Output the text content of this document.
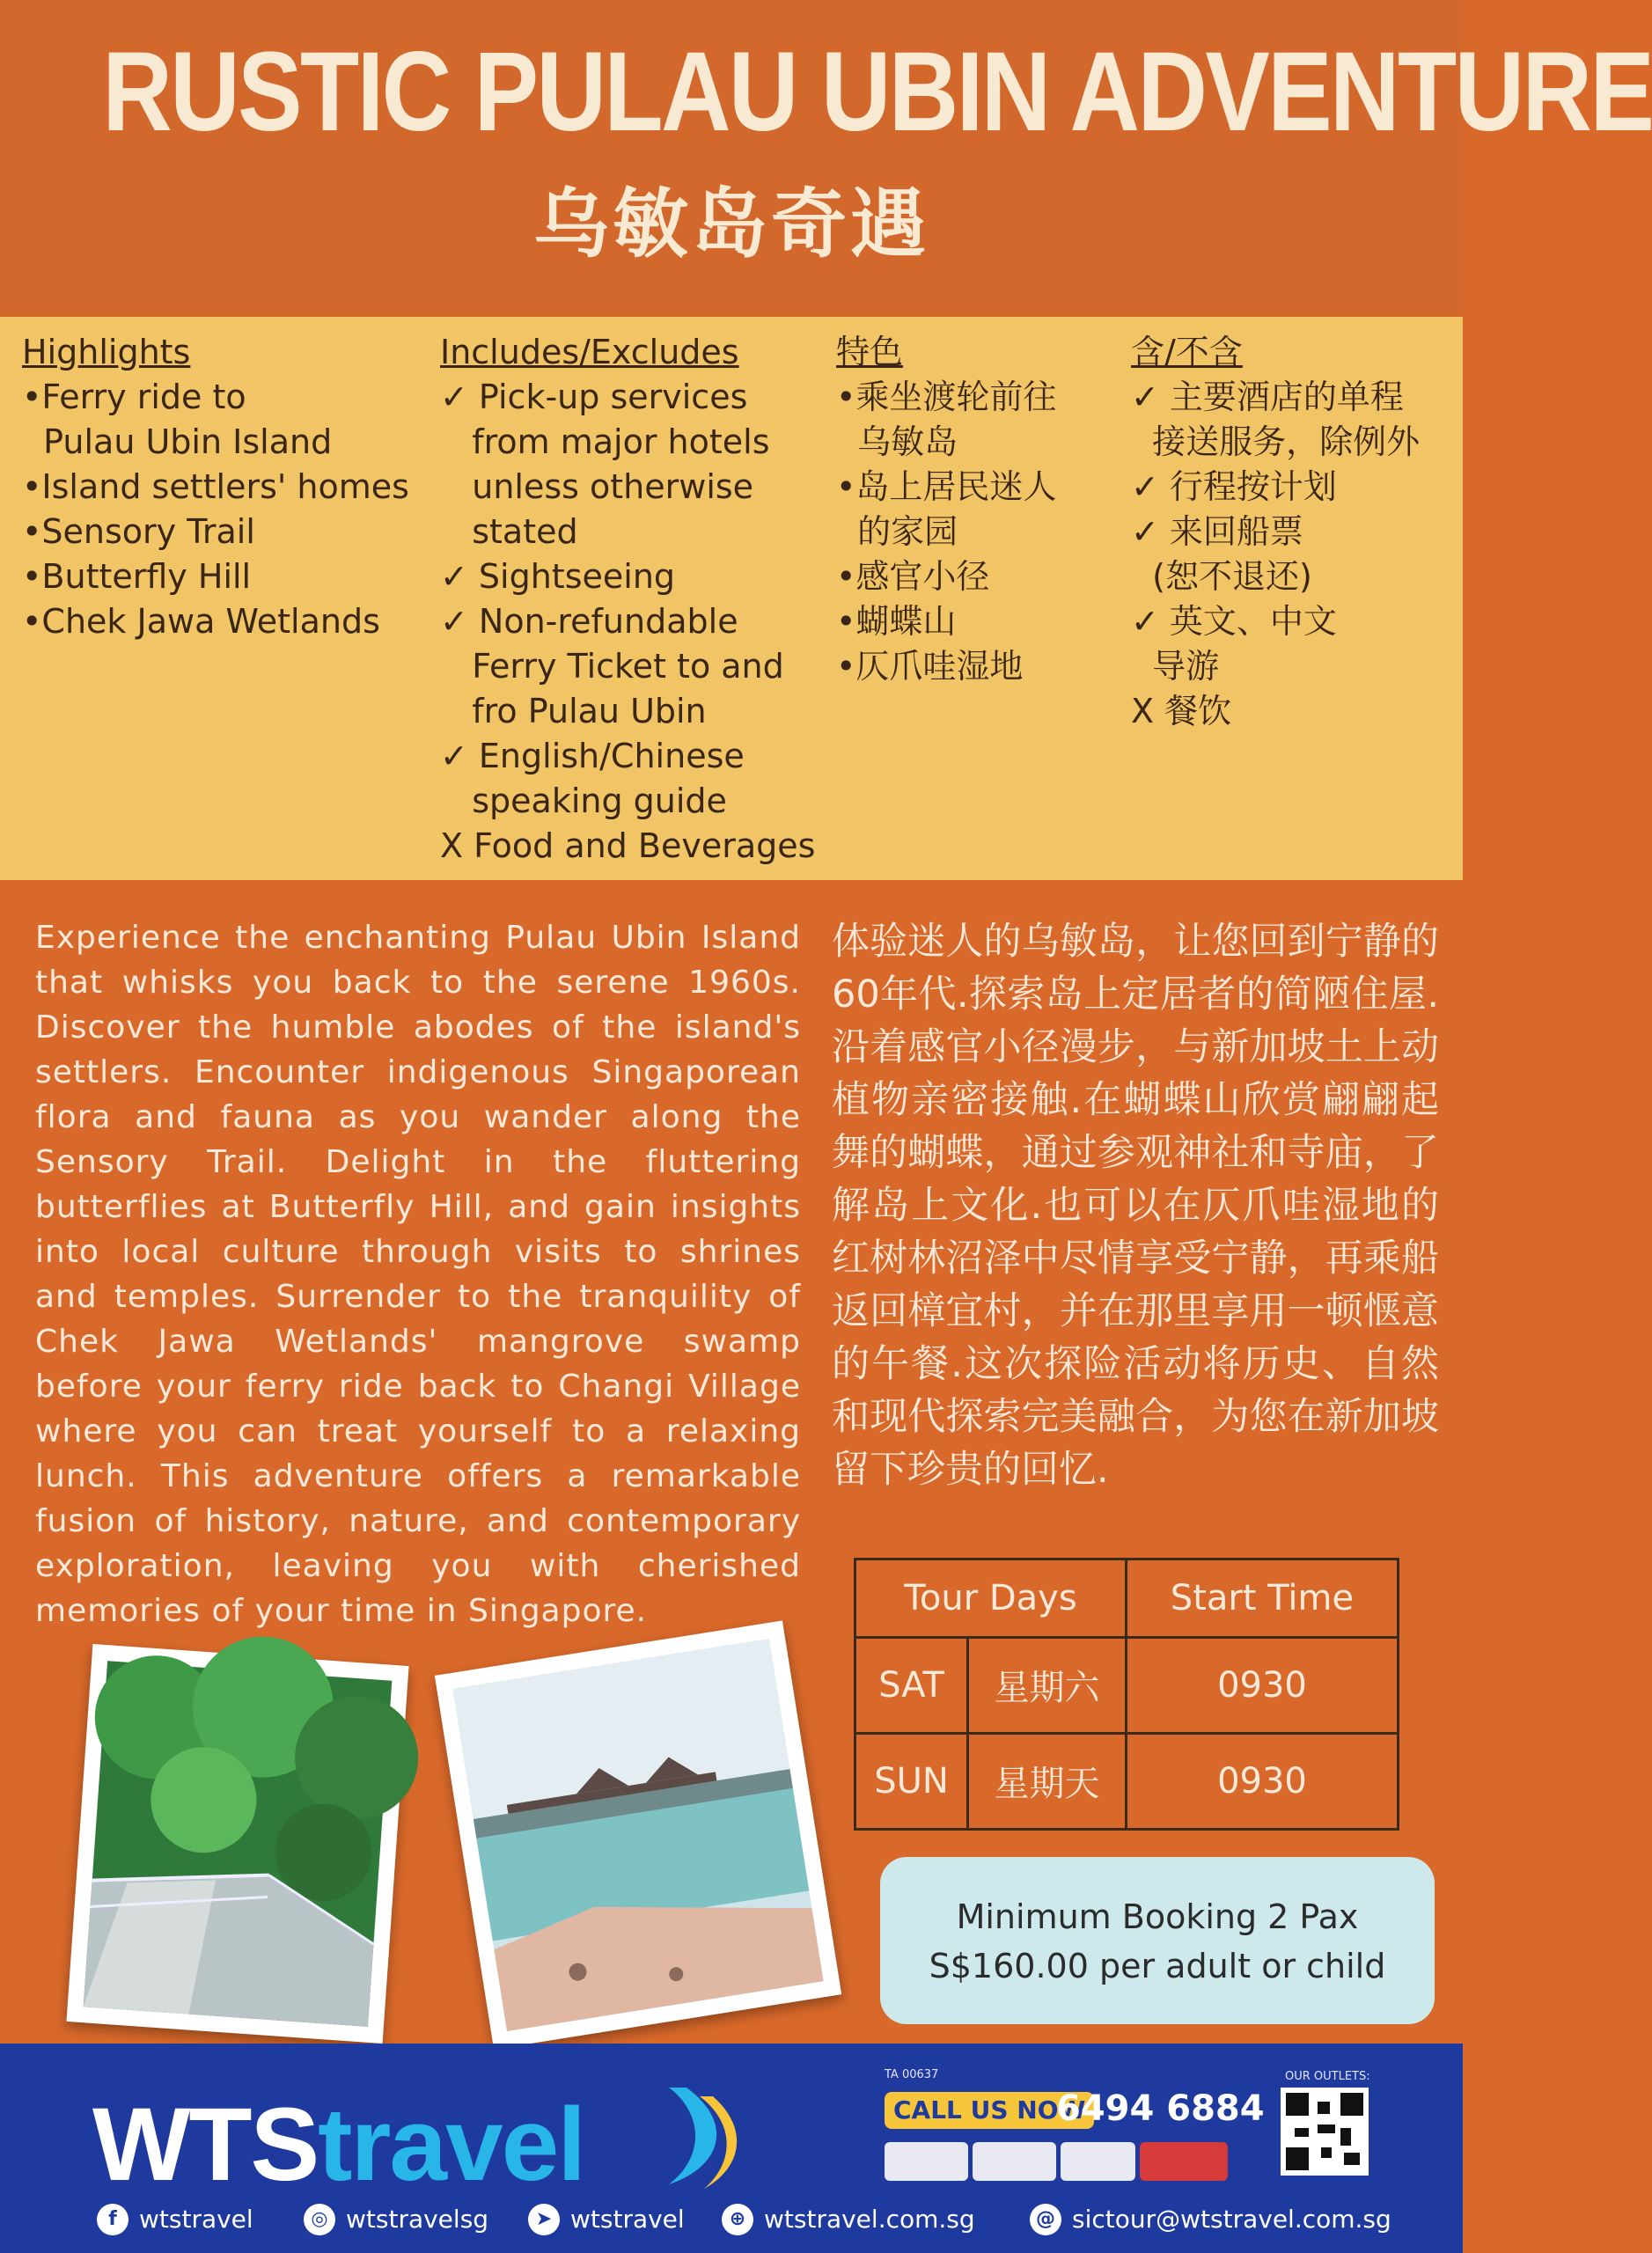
RUSTIC PULAU UBIN ADVENTURE
乌敏岛奇遇
Highlights
•Ferry ride to
Pulau Ubin Island
•Island settlers' homes
•Sensory Trail
•Butterfly Hill
•Chek Jawa Wetlands
Includes/Excludes
✓ Pick-up services
from major hotels
unless otherwise
stated
✓ Sightseeing
✓ Non-refundable
Ferry Ticket to and
fro Pulau Ubin
✓ English/Chinese
speaking guide
X Food and Beverages
特色
•乘坐渡轮前往
乌敏岛
•岛上居民迷人
的家园
•感官小径
•蝴蝶山
•仄爪哇湿地
含/不含
✓ 主要酒店的单程
接送服务，除例外
✓ 行程按计划
✓ 来回船票
(恕不退还)
✓ 英文、中文
导游
X 餐饮
Experience the enchanting Pulau Ubin Island that whisks you back to the serene 1960s. Discover the humble abodes of the island's settlers. Encounter indigenous Singaporean flora and fauna as you wander along the Sensory Trail. Delight in the fluttering butterflies at Butterfly Hill, and gain insights into local culture through visits to shrines and temples. Surrender to the tranquility of Chek Jawa Wetlands' mangrove swamp before your ferry ride back to Changi Village where you can treat yourself to a relaxing lunch. This adventure offers a remarkable fusion of history, nature, and contemporary exploration, leaving you with cherished memories of your time in Singapore.
体验迷人的乌敏岛，让您回到宁静的60年代.探索岛上定居者的简陋住屋.沿着感官小径漫步，与新加坡土上动植物亲密接触.在蝴蝶山欣赏翩翩起舞的蝴蝶，通过参观神社和寺庙，了解岛上文化.也可以在仄爪哇湿地的红树林沼泽中尽情享受宁静，再乘船返回樟宜村，并在那里享用一顿惬意的午餐.这次探险活动将历史、自然和现代探索完美融合，为您在新加坡留下珍贵的回忆.
Tour Days		Start Time
SAT	星期六	0930
SUN	星期天	0930
Minimum Booking 2 Pax
S$160.00 per adult or child
WTStravel
TA 00637
CALL US NOW
6494 6884
OUR OUTLETS:
f wtstravel	◎ wtstravelsg	➤ wtstravel	⊕ wtstravel.com.sg	@ sictour@wtstravel.com.sg
